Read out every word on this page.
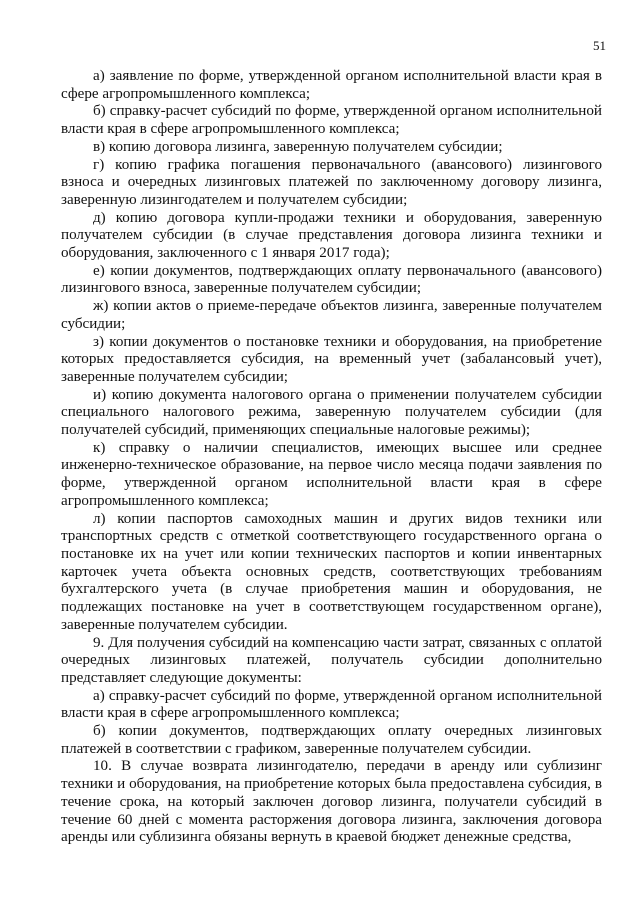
51

а) заявление по форме, утвержденной органом исполнительной власти края в сфере агропромышленного комплекса;

б) справку-расчет субсидий по форме, утвержденной органом исполнительной власти края в сфере агропромышленного комплекса;

в) копию договора лизинга, заверенную получателем субсидии;

г) копию графика погашения первоначального (авансового) лизингового взноса и очередных лизинговых платежей по заключенному договору лизинга, заверенную лизингодателем и получателем субсидии;

д) копию договора купли-продажи техники и оборудования, заверенную получателем субсидии (в случае представления договора лизинга техники и оборудования, заключенного с 1 января 2017 года);

е) копии документов, подтверждающих оплату первоначального (авансового) лизингового взноса, заверенные получателем субсидии;

ж) копии актов о приеме-передаче объектов лизинга, заверенные получателем субсидии;

з) копии документов о постановке техники и оборудования, на приобретение которых предоставляется субсидия, на временный учет (забалансовый учет), заверенные получателем субсидии;

и) копию документа налогового органа о применении получателем субсидии специального налогового режима, заверенную получателем субсидии (для получателей субсидий, применяющих специальные налоговые режимы);

к) справку о наличии специалистов, имеющих высшее или среднее инженерно-техническое образование, на первое число месяца подачи заявления по форме, утвержденной органом исполнительной власти края в сфере агропромышленного комплекса;

л) копии паспортов самоходных машин и других видов техники или транспортных средств с отметкой соответствующего государственного органа о постановке их на учет или копии технических паспортов и копии инвентарных карточек учета объекта основных средств, соответствующих требованиям бухгалтерского учета (в случае приобретения машин и оборудования, не подлежащих постановке на учет в соответствующем государственном органе), заверенные получателем субсидии.

9. Для получения субсидий на компенсацию части затрат, связанных с оплатой очередных лизинговых платежей, получатель субсидии дополнительно представляет следующие документы:

а) справку-расчет субсидий по форме, утвержденной органом исполнительной власти края в сфере агропромышленного комплекса;

б) копии документов, подтверждающих оплату очередных лизинговых платежей в соответствии с графиком, заверенные получателем субсидии.

10. В случае возврата лизингодателю, передачи в аренду или сублизинг техники и оборудования, на приобретение которых была предоставлена субсидия, в течение срока, на который заключен договор лизинга, получатели субсидий в течение 60 дней с момента расторжения договора лизинга, заключения договора аренды или сублизинга обязаны вернуть в краевой бюджет денежные средства,
